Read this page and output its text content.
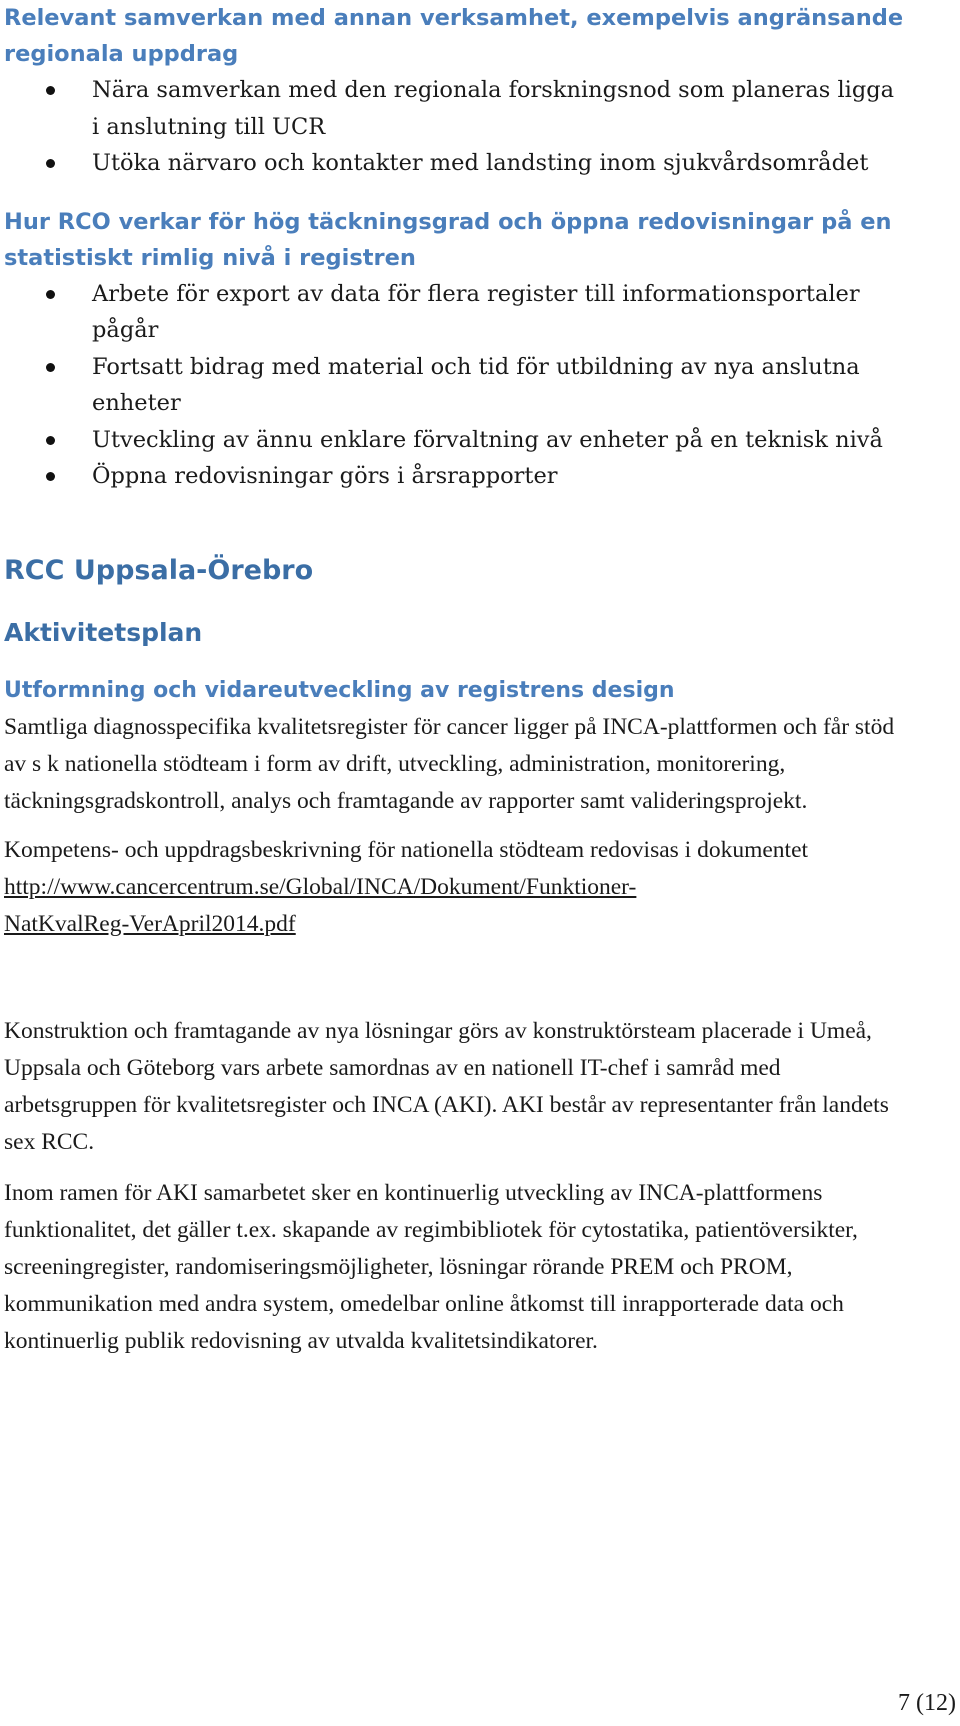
Relevant samverkan med annan verksamhet, exempelvis angränsande regionala uppdrag
Nära samverkan med den regionala forskningsnod som planeras ligga i anslutning till UCR
Utöka närvaro och kontakter med landsting inom sjukvårdsområdet
Hur RCO verkar för hög täckningsgrad och öppna redovisningar på en statistiskt rimlig nivå i registren
Arbete för export av data för flera register till informationsportaler pågår
Fortsatt bidrag med material och tid för utbildning av nya anslutna enheter
Utveckling av ännu enklare förvaltning av enheter på en teknisk nivå
Öppna redovisningar görs i årsrapporter
RCC Uppsala-Örebro
Aktivitetsplan
Utformning och vidareutveckling av registrens design

Samtliga diagnosspecifika kvalitetsregister för cancer ligger på INCA-plattformen och får stöd av s k nationella stödteam i form av drift, utveckling, administration, monitorering, täckningsgradskontroll, analys och framtagande av rapporter samt valideringsprojekt.

Kompetens- och uppdragsbeskrivning för nationella stödteam redovisas i dokumentet

http://www.cancercentrum.se/Global/INCA/Dokument/Funktioner-
NatKvalReg-VerApril2014.pdf

Konstruktion och framtagande av nya lösningar görs av konstruktörsteam placerade i Umeå, Uppsala och Göteborg vars arbete samordnas av en nationell IT-chef i samråd med arbetsgruppen för kvalitetsregister och INCA (AKI). AKI består av representanter från landets sex RCC.

Inom ramen för AKI samarbetet sker en kontinuerlig utveckling av INCA-plattformens funktionalitet, det gäller t.ex. skapande av regimbibliotek för cytostatika, patientöversikter, screeningregister, randomiseringsmöjligheter, lösningar rörande PREM och PROM, kommunikation med andra system, omedelbar online åtkomst till inrapporterade data och kontinuerlig publik redovisning av utvalda kvalitetsindikatorer.

7 (12)
